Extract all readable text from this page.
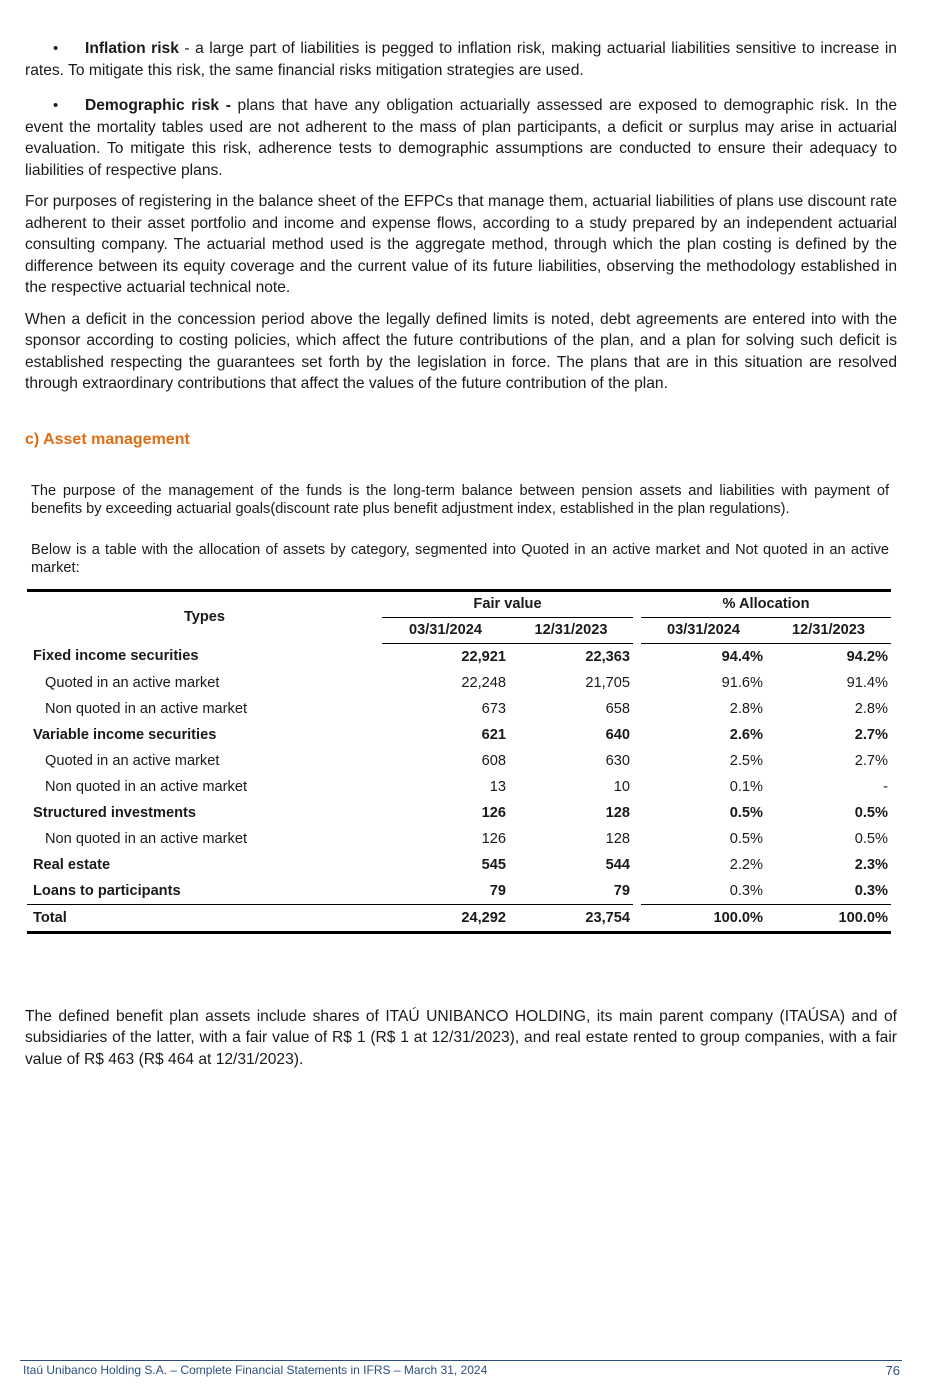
• Inflation risk - a large part of liabilities is pegged to inflation risk, making actuarial liabilities sensitive to increase in rates. To mitigate this risk, the same financial risks mitigation strategies are used.

• Demographic risk - plans that have any obligation actuarially assessed are exposed to demographic risk. In the event the mortality tables used are not adherent to the mass of plan participants, a deficit or surplus may arise in actuarial evaluation. To mitigate this risk, adherence tests to demographic assumptions are conducted to ensure their adequacy to liabilities of respective plans.

For purposes of registering in the balance sheet of the EFPCs that manage them, actuarial liabilities of plans use discount rate adherent to their asset portfolio and income and expense flows, according to a study prepared by an independent actuarial consulting company. The actuarial method used is the aggregate method, through which the plan costing is defined by the difference between its equity coverage and the current value of its future liabilities, observing the methodology established in the respective actuarial technical note.

When a deficit in the concession period above the legally defined limits is noted, debt agreements are entered into with the sponsor according to costing policies, which affect the future contributions of the plan, and a plan for solving such deficit is established respecting the guarantees set forth by the legislation in force. The plans that are in this situation are resolved through extraordinary contributions that affect the values of the future contribution of the plan.

c) Asset management

The purpose of the management of the funds is the long-term balance between pension assets and liabilities with payment of benefits by exceeding actuarial goals(discount rate plus benefit adjustment index, established in the plan regulations).

Below is a table with the allocation of assets by category, segmented into Quoted in an active market and Not quoted in an active market:

Types	Fair value			% Allocation	
	03/31/2024	12/31/2023		03/31/2024	12/31/2023
Fixed income securities	22,921	22,363		94.4%	94.2%
Quoted in an active market	22,248	21,705		91.6%	91.4%
Non quoted in an active market	673	658		2.8%	2.8%
Variable income securities	621	640		2.6%	2.7%
Quoted in an active market	608	630		2.5%	2.7%
Non quoted in an active market	13	10		0.1%	-
Structured investments	126	128		0.5%	0.5%
Non quoted in an active market	126	128		0.5%	0.5%
Real estate	545	544		2.2%	2.3%
Loans to participants	79	79		0.3%	0.3%
Total	24,292	23,754		100.0%	100.0%

The defined benefit plan assets include shares of ITAÚ UNIBANCO HOLDING, its main parent company (ITAÚSA) and of subsidiaries of the latter, with a fair value of R$ 1 (R$ 1 at 12/31/2023), and real estate rented to group companies, with a fair value of R$ 463 (R$ 464 at 12/31/2023).

Itaú Unibanco Holding S.A. – Complete Financial Statements in IFRS – March 31, 2024	76
